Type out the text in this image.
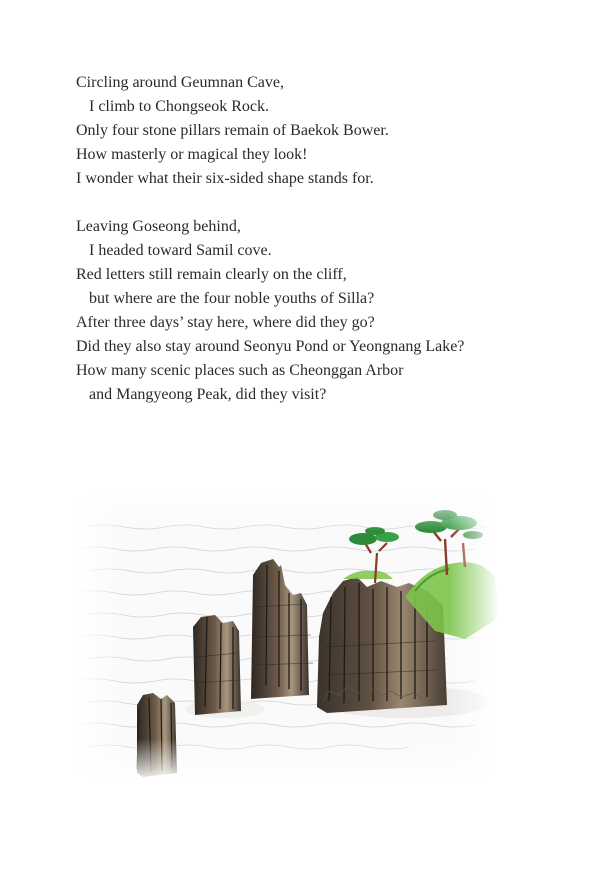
Circling around Geumnan Cave,
I climb to Chongseok Rock.
Only four stone pillars remain of Baekok Bower.
How masterly or magical they look!
I wonder what their six-sided shape stands for.

Leaving Goseong behind,
I headed toward Samil cove.
Red letters still remain clearly on the cliff,
but where are the four noble youths of Silla?
After three days’ stay here, where did they go?
Did they also stay around Seonyu Pond or Yeongnang Lake?
How many scenic places such as Cheonggan Arbor
and Mangyeong Peak, did they visit?
